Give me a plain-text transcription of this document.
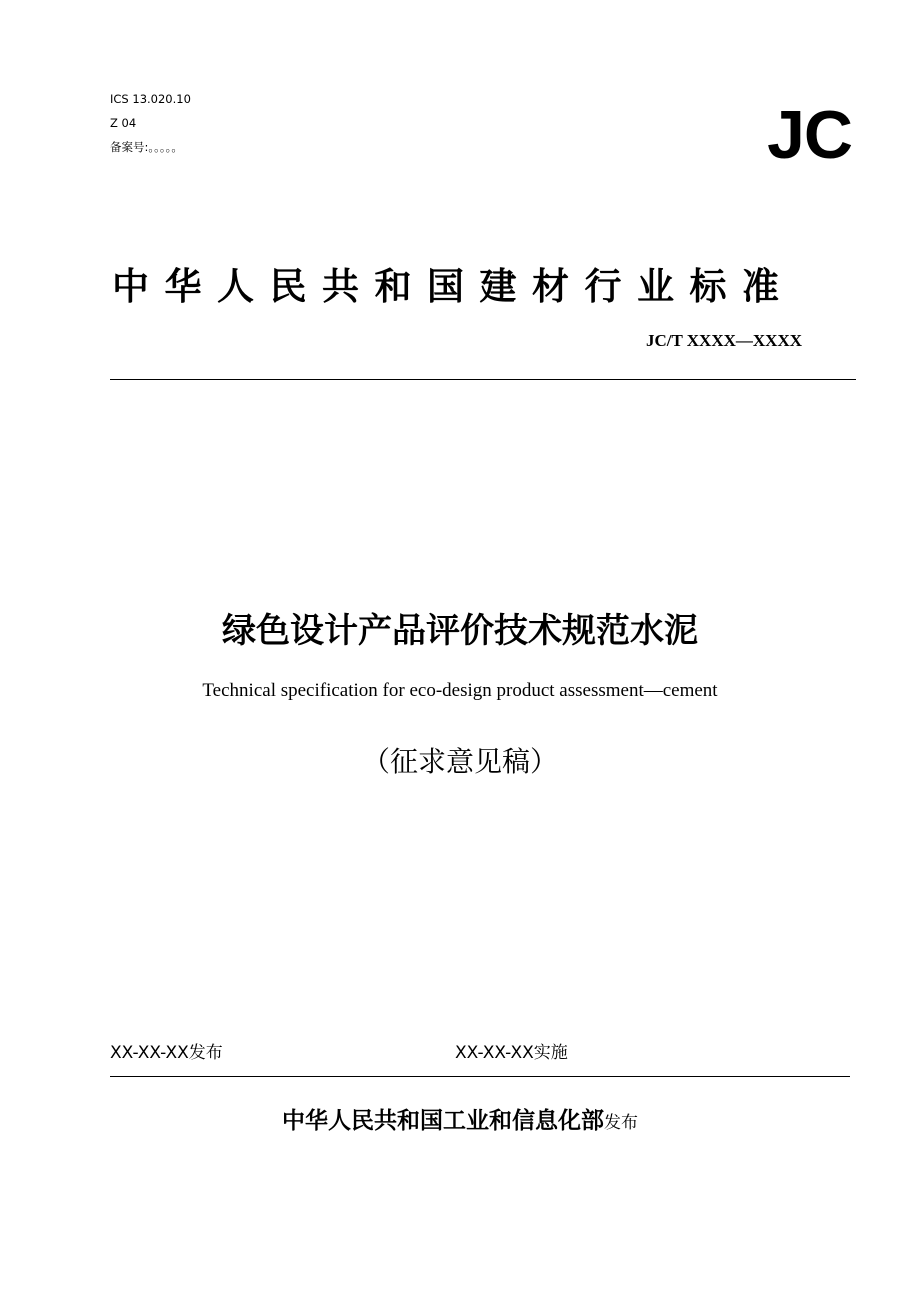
ICS 13.020.10

Z 04

备案号:。。。。。	JC
中华人民共和国建材行业标准

JC/T XXXX—XXXX

绿色设计产品评价技术规范水泥

Technical specification for eco-design product assessment—cement

（征求意见稿）

XX-XX-XX发布	XX-XX-XX实施

中华人民共和国工业和信息化部发布
